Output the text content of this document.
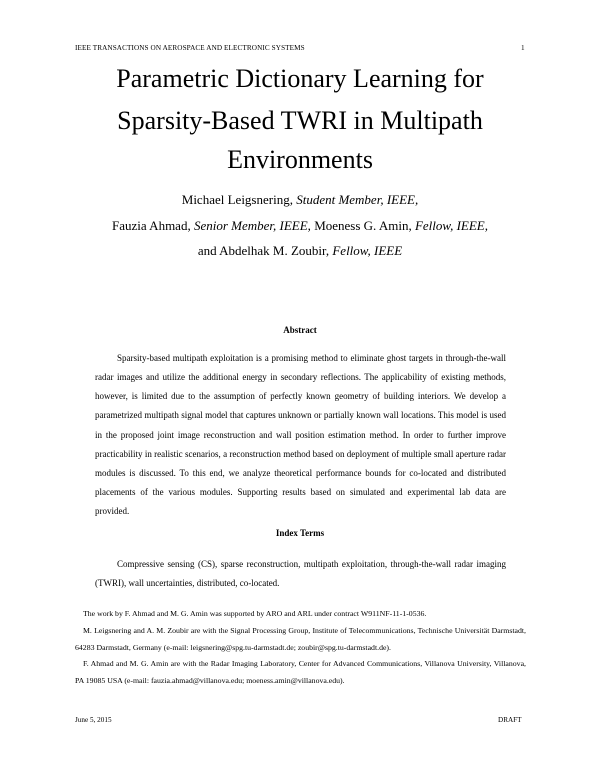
IEEE TRANSACTIONS ON AEROSPACE AND ELECTRONIC SYSTEMS	1
Parametric Dictionary Learning for
Sparsity-Based TWRI in Multipath
Environments
Michael Leigsnering, Student Member, IEEE,
Fauzia Ahmad, Senior Member, IEEE, Moeness G. Amin, Fellow, IEEE,
and Abdelhak M. Zoubir, Fellow, IEEE
Abstract
Sparsity-based multipath exploitation is a promising method to eliminate ghost targets in through-the-wall radar images and utilize the additional energy in secondary reflections. The applicability of existing methods, however, is limited due to the assumption of perfectly known geometry of building interiors. We develop a parametrized multipath signal model that captures unknown or partially known wall locations. This model is used in the proposed joint image reconstruction and wall position estimation method. In order to further improve practicability in realistic scenarios, a reconstruction method based on deployment of multiple small aperture radar modules is discussed. To this end, we analyze theoretical performance bounds for co-located and distributed placements of the various modules. Supporting results based on simulated and experimental lab data are provided.
Index Terms
Compressive sensing (CS), sparse reconstruction, multipath exploitation, through-the-wall radar imaging (TWRI), wall uncertainties, distributed, co-located.
The work by F. Ahmad and M. G. Amin was supported by ARO and ARL under contract W911NF-11-1-0536.
M. Leigsnering and A. M. Zoubir are with the Signal Processing Group, Institute of Telecommunications, Technische Universität Darmstadt, 64283 Darmstadt, Germany (e-mail: leigsnering@spg.tu-darmstadt.de; zoubir@spg.tu-darmstadt.de).
F. Ahmad and M. G. Amin are with the Radar Imaging Laboratory, Center for Advanced Communications, Villanova University, Villanova, PA 19085 USA (e-mail: fauzia.ahmad@villanova.edu; moeness.amin@villanova.edu).
June 5, 2015	DRAFT
